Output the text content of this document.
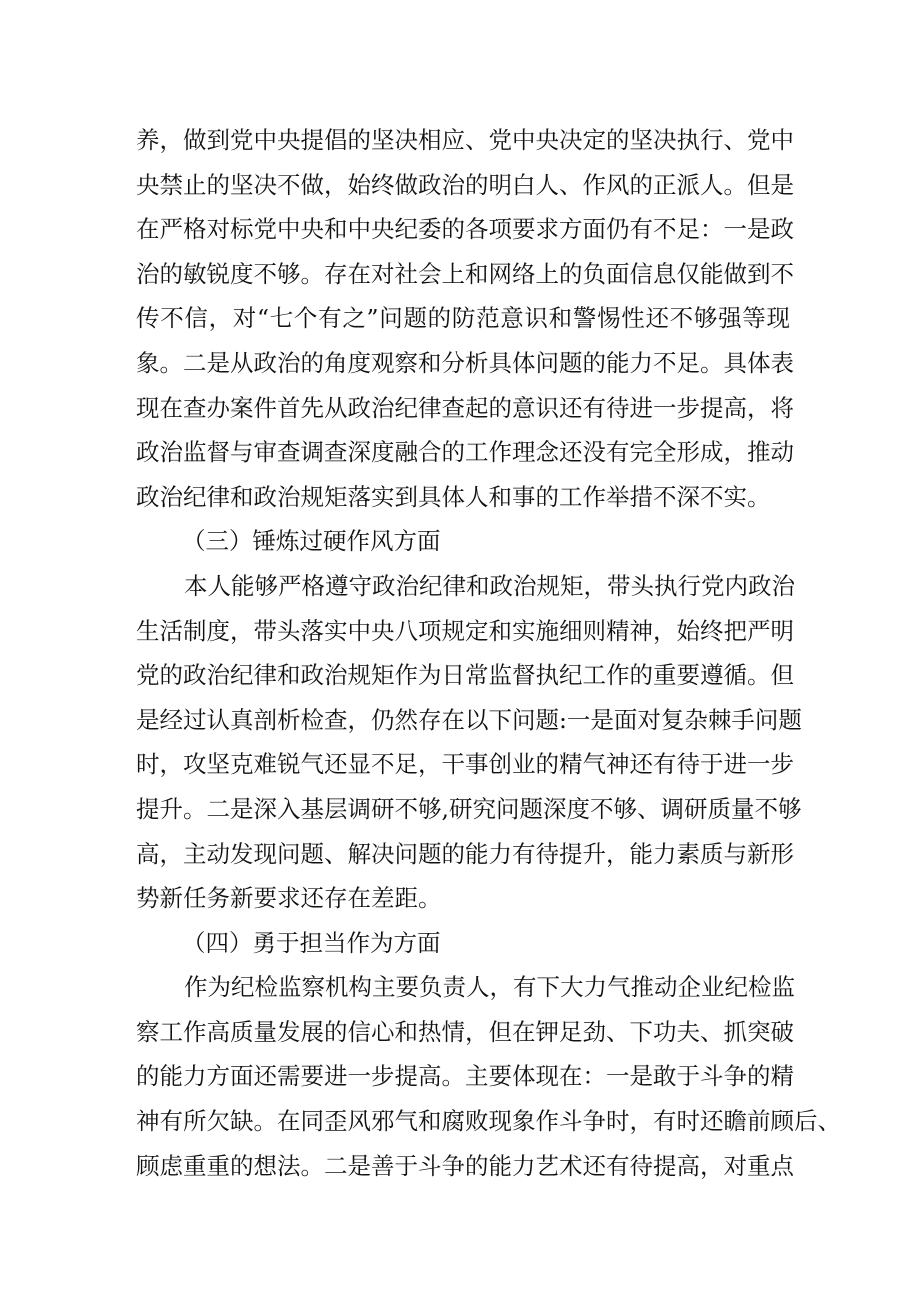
养，做到党中央提倡的坚决相应、党中央决定的坚决执行、党中
央禁止的坚决不做，始终做政治的明白人、作风的正派人。但是
在严格对标党中央和中央纪委的各项要求方面仍有不足：一是政
治的敏锐度不够。存在对社会上和网络上的负面信息仅能做到不
传不信，对“七个有之”问题的防范意识和警惕性还不够强等现
象。二是从政治的角度观察和分析具体问题的能力不足。具体表
现在查办案件首先从政治纪律查起的意识还有待进一步提高，将
政治监督与审查调查深度融合的工作理念还没有完全形成，推动
政治纪律和政治规矩落实到具体人和事的工作举措不深不实。
（三）锤炼过硬作风方面
本人能够严格遵守政治纪律和政治规矩，带头执行党内政治
生活制度，带头落实中央八项规定和实施细则精神，始终把严明
党的政治纪律和政治规矩作为日常监督执纪工作的重要遵循。但
是经过认真剖析检查，仍然存在以下问题:一是面对复杂棘手问题
时，攻坚克难锐气还显不足，干事创业的精气神还有待于进一步
提升。二是深入基层调研不够,研究问题深度不够、调研质量不够
高，主动发现问题、解决问题的能力有待提升，能力素质与新形
势新任务新要求还存在差距。
（四）勇于担当作为方面
作为纪检监察机构主要负责人，有下大力气推动企业纪检监
察工作高质量发展的信心和热情，但在钾足劲、下功夫、抓突破
的能力方面还需要进一步提高。主要体现在：一是敢于斗争的精
神有所欠缺。在同歪风邪气和腐败现象作斗争时，有时还瞻前顾后、
顾虑重重的想法。二是善于斗争的能力艺术还有待提高，对重点
